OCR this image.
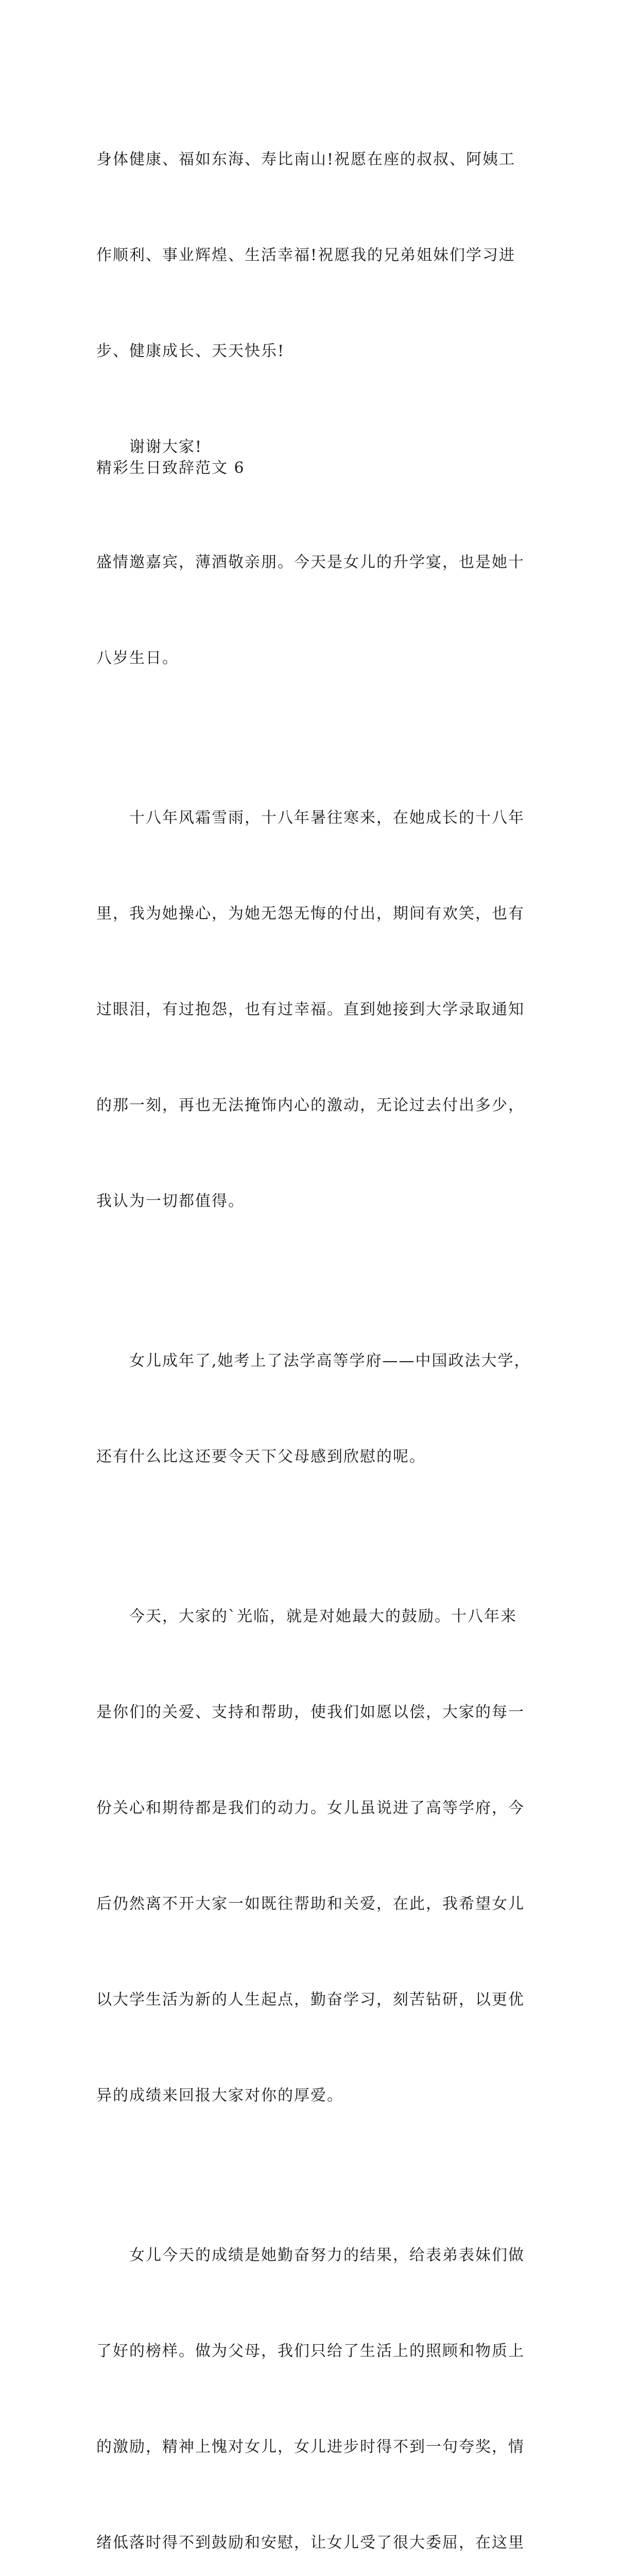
身体健康、福如东海、寿比南山!祝愿在座的叔叔、阿姨工

作顺利、事业辉煌、生活幸福!祝愿我的兄弟姐妹们学习进

步、健康成长、天天快乐!

谢谢大家!
精彩生日致辞范文 6

盛情邀嘉宾，薄酒敬亲朋。今天是女儿的升学宴，也是她十

八岁生日。

十八年风霜雪雨，十八年暑往寒来，在她成长的十八年

里，我为她操心，为她无怨无悔的付出，期间有欢笑，也有

过眼泪，有过抱怨，也有过幸福。直到她接到大学录取通知

的那一刻，再也无法掩饰内心的激动，无论过去付出多少，

我认为一切都值得。

女儿成年了,她考上了法学高等学府——中国政法大学，

还有什么比这还要令天下父母感到欣慰的呢。

今天，大家的`光临，就是对她最大的鼓励。十八年来

是你们的关爱、支持和帮助，使我们如愿以偿，大家的每一

份关心和期待都是我们的动力。女儿虽说进了高等学府，今

后仍然离不开大家一如既往帮助和关爱，在此，我希望女儿

以大学生活为新的人生起点，勤奋学习，刻苦钻研，以更优

异的成绩来回报大家对你的厚爱。

女儿今天的成绩是她勤奋努力的结果，给表弟表妹们做

了好的榜样。做为父母，我们只给了生活上的照顾和物质上

的激励，精神上愧对女儿，女儿进步时得不到一句夸奖，情

绪低落时得不到鼓励和安慰，让女儿受了很大委屈，在这里
